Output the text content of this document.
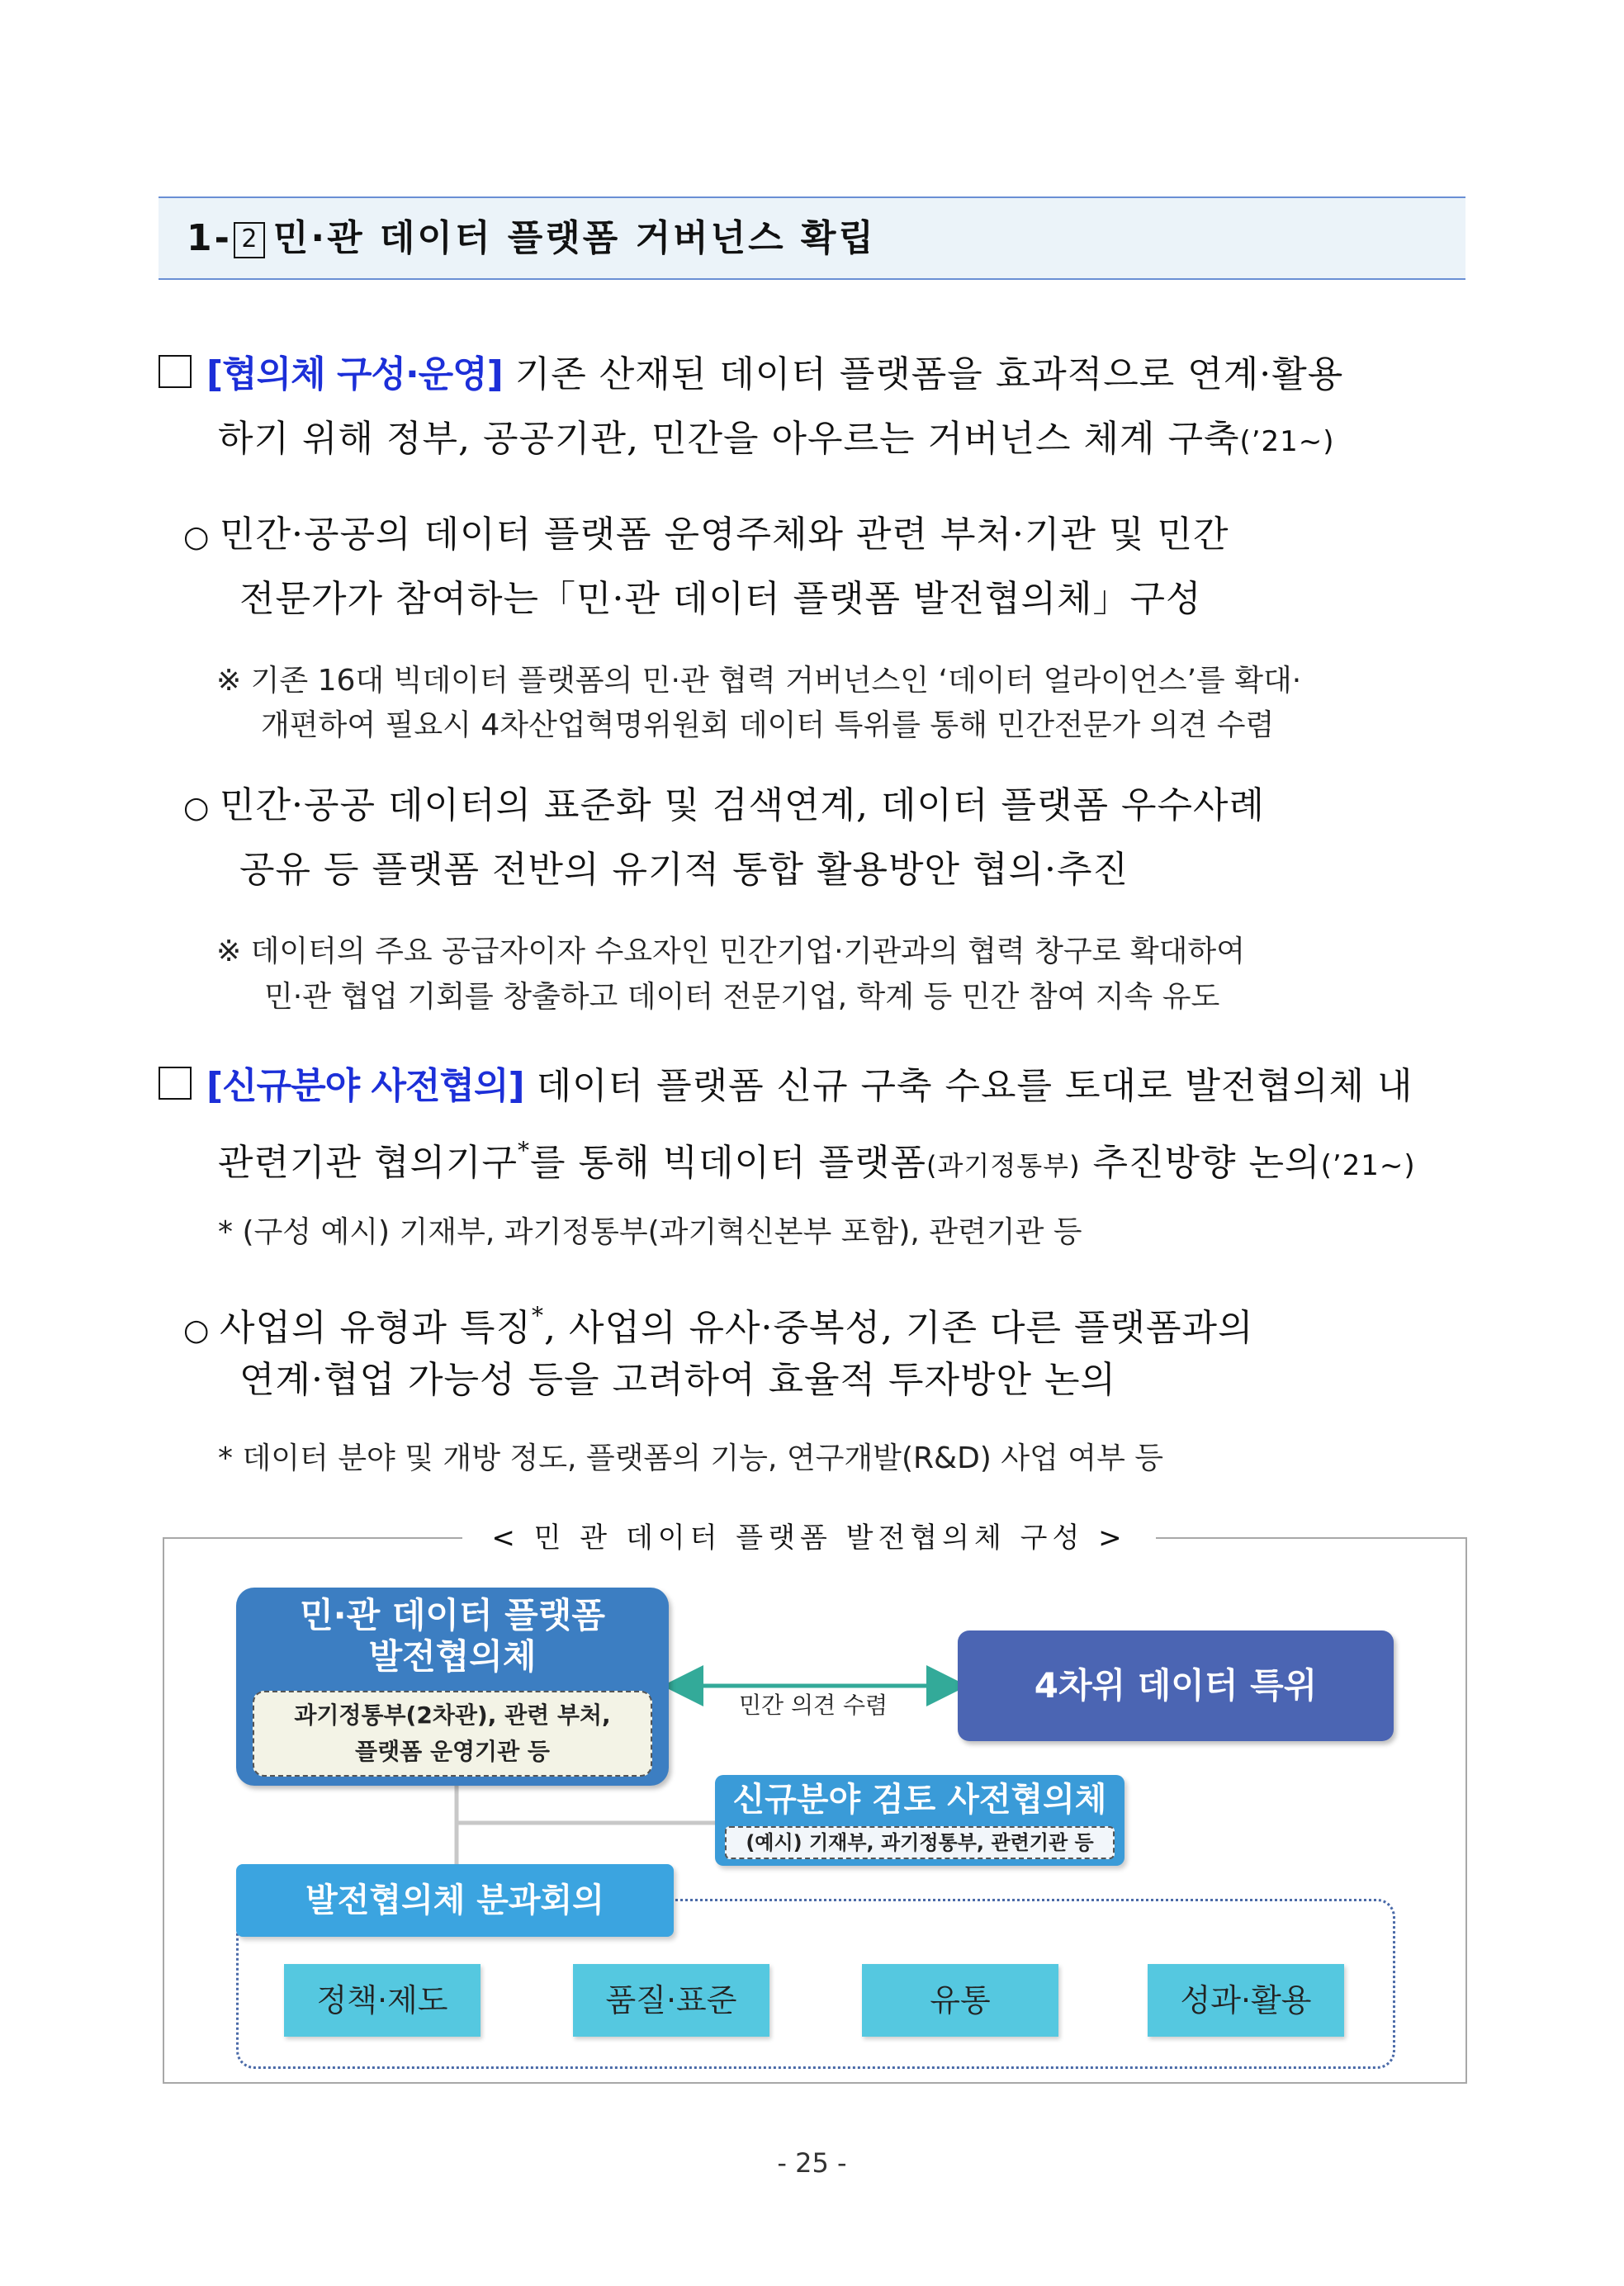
1- 2 민·관 데이터 플랫폼 거버넌스 확립
[협의체 구성·운영] 기존 산재된 데이터 플랫폼을 효과적으로 연계·활용
하기 위해 정부, 공공기관, 민간을 아우르는 거버넌스 체계 구축(’21~)
○ 민간·공공의 데이터 플랫폼 운영주체와 관련 부처·기관 및 민간
전문가가 참여하는「민·관 데이터 플랫폼 발전협의체」구성
※ 기존 16대 빅데이터 플랫폼의 민·관 협력 거버넌스인 ‘데이터 얼라이언스’를 확대·
개편하여 필요시 4차산업혁명위원회 데이터 특위를 통해 민간전문가 의견 수렴
○ 민간·공공 데이터의 표준화 및 검색연계, 데이터 플랫폼 우수사례
공유 등 플랫폼 전반의 유기적 통합 활용방안 협의·추진
※ 데이터의 주요 공급자이자 수요자인 민간기업·기관과의 협력 창구로 확대하여
민·관 협업 기회를 창출하고 데이터 전문기업, 학계 등 민간 참여 지속 유도
[신규분야 사전협의] 데이터 플랫폼 신규 구축 수요를 토대로 발전협의체 내
관련기관 협의기구*를 통해 빅데이터 플랫폼(과기정통부) 추진방향 논의(’21~)
* (구성 예시) 기재부, 과기정통부(과기혁신본부 포함), 관련기관 등
○ 사업의 유형과 특징*, 사업의 유사·중복성, 기존 다른 플랫폼과의
연계·협업 가능성 등을 고려하여 효율적 투자방안 논의
* 데이터 분야 및 개방 정도, 플랫폼의 기능, 연구개발(R&D) 사업 여부 등
< 민 관 데이터 플랫폼 발전협의체 구성 >
민·관 데이터 플랫폼
발전협의체
과기정통부(2차관), 관련 부처,
플랫폼 운영기관 등
민간 의견 수렴	4차위 데이터 특위
신규분야 검토 사전협의체
(예시) 기재부, 과기정통부, 관련기관 등
발전협의체 분과회의
정책·제도	품질·표준	유통	성과·활용
- 25 -
